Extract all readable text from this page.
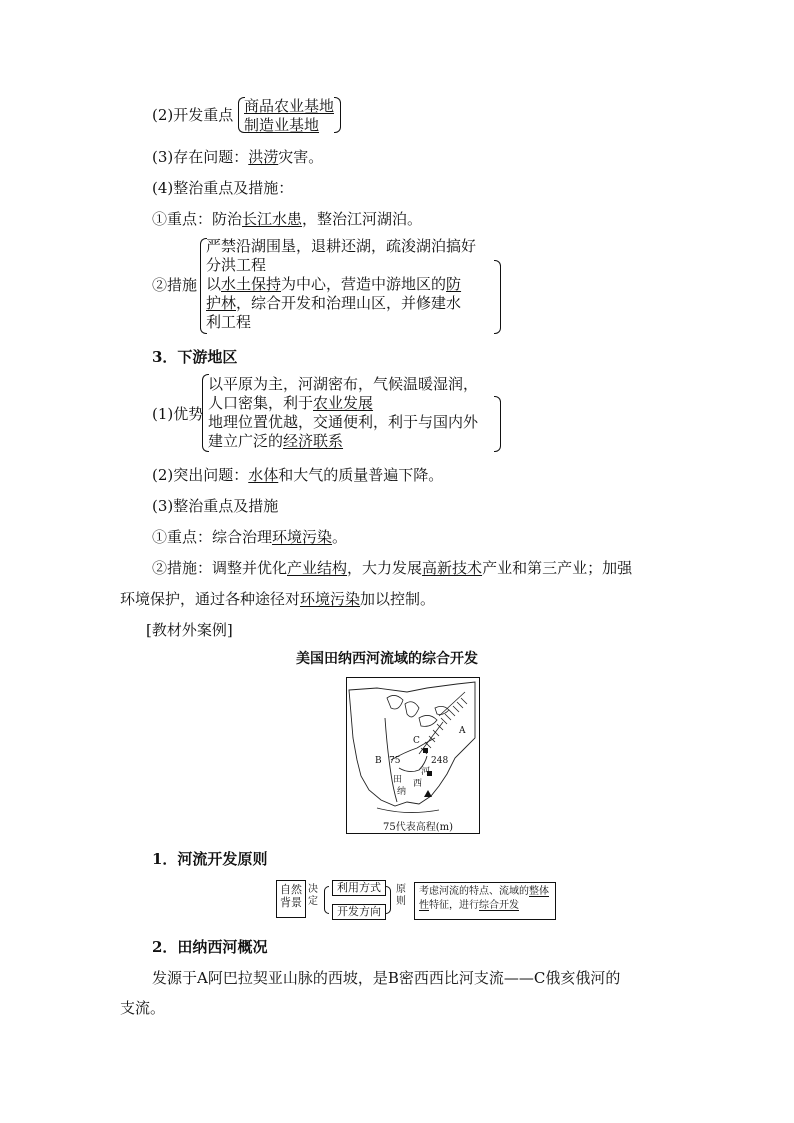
(2)开发重点 商品农业基地
制造业基地
(3)存在问题：洪涝灾害。
(4)整治重点及措施：
①重点：防治长江水患，整治江河湖泊。
②措施
严禁沿湖围垦，退耕还湖，疏浚湖泊搞好
分洪工程
以水土保持为中心，营造中游地区的防
护林，综合开发和治理山区，并修建水
利工程
3．下游地区
(1)优势
以平原为主，河湖密布，气候温暖湿润，
人口密集，利于农业发展
地理位置优越，交通便利，利于与国内外
建立广泛的经济联系
(2)突出问题：水体和大气的质量普遍下降。
(3)整治重点及措施
①重点：综合治理环境污染。
②措施：调整并优化产业结构，大力发展高新技术产业和第三产业；加强
环境保护，通过各种途径对环境污染加以控制。
[教材外案例]
美国田纳西河流域的综合开发
A
C
B 75	248
田
纳
西
河
75代表高程(m)
1．河流开发原则
自然背景
决定
利用方式
开发方向
原则
考虑河流的特点、流域的整体性特征，进行综合开发
2．田纳西河概况
发源于A阿巴拉契亚山脉的西坡，是B密西西比河支流——C俄亥俄河的
支流。
